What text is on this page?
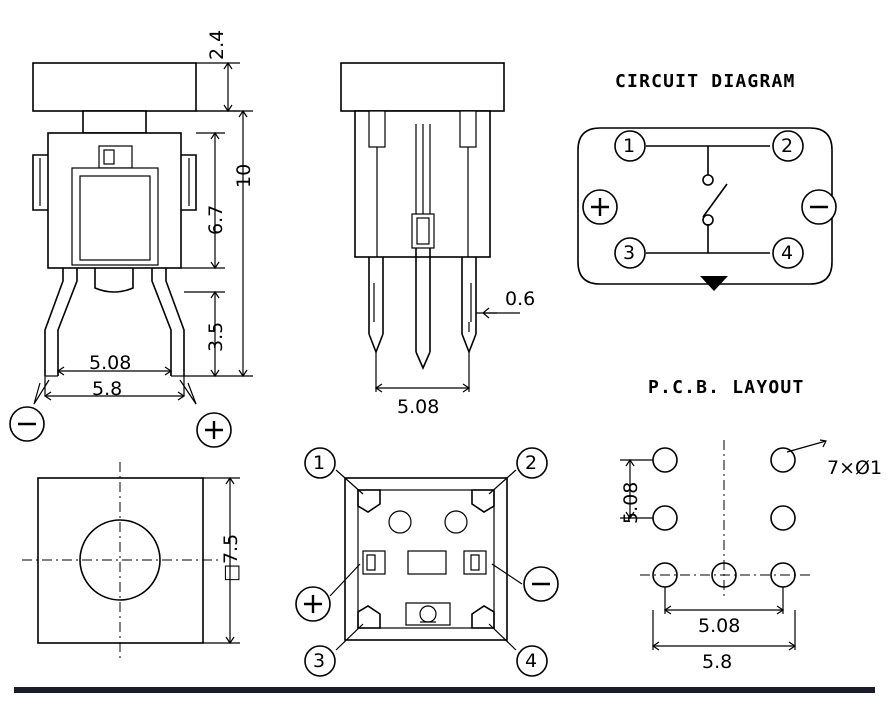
2.4
10
6.7
3.5
5.08
5.8
0.6
5.08
□7.5
1	2
3	4
CIRCUIT DIAGRAM
1	2
3	4
P.C.B. LAYOUT
7×Ø1
5.08
5.08
5.8
